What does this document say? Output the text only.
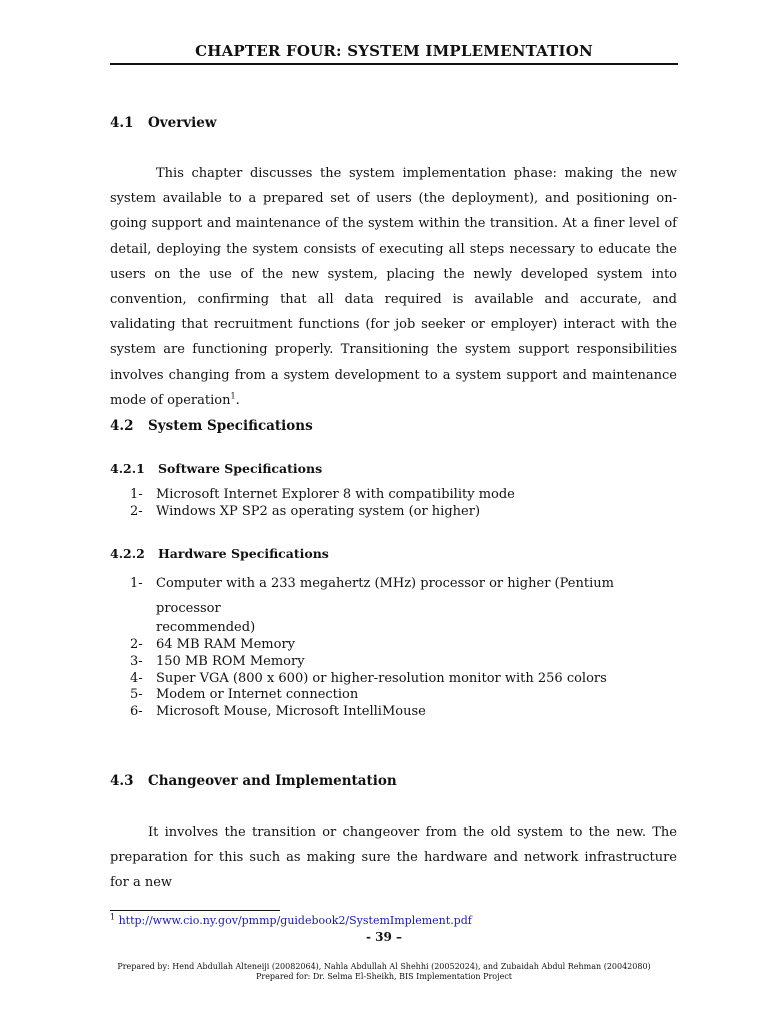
CHAPTER FOUR: SYSTEM IMPLEMENTATION
4.1 Overview
This chapter discusses the system implementation phase: making the new system available to a prepared set of users (the deployment), and positioning on-going support and maintenance of the system within the transition. At a finer level of detail, deploying the system consists of executing all steps necessary to educate the users on the use of the new system, placing the newly developed system into convention, confirming that all data required is available and accurate, and validating that recruitment functions (for job seeker or employer) interact with the system are functioning properly. Transitioning the system support responsibilities involves changing from a system development to a system support and maintenance mode of operation$^1$.
4.2 System Specifications
4.2.1 Software Specifications
1-	Microsoft Internet Explorer 8 with compatibility mode
2-	Windows XP SP2 as operating system (or higher)
4.2.2 Hardware Specifications
1-	Computer with a 233 megahertz (MHz) processor or higher (Pentium processor
recommended)
2-	64 MB RAM Memory
3-	150 MB ROM Memory
4-	Super VGA (800 x 600) or higher-resolution monitor with 256 colors
5-	Modem or Internet connection
6-	Microsoft Mouse, Microsoft IntelliMouse
4.3 Changeover and Implementation
It involves the transition or changeover from the old system to the new. The preparation for this such as making sure the hardware and network infrastructure for a new
$^1$ http://www.cio.ny.gov/pmmp/guidebook2/SystemImplement.pdf
- 39 –
Prepared by: Hend Abdullah Alteneiji (20082064), Nahla Abdullah Al Shehhi (20052024), and Zubaidah Abdul Rehman (20042080)
Prepared for: Dr. Selma El-Sheikh, BIS Implementation Project
